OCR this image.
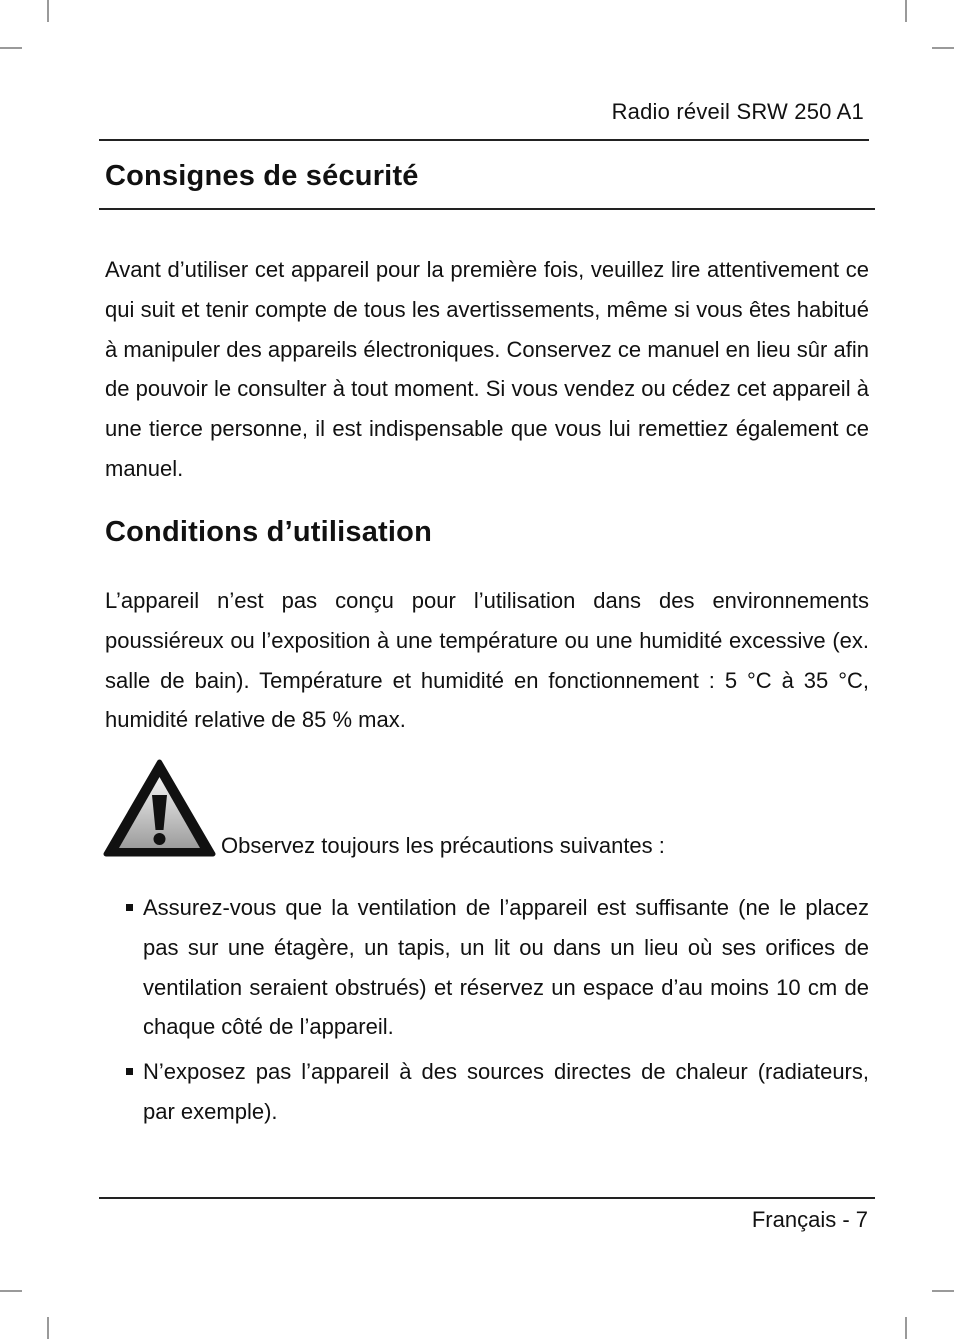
Radio réveil SRW 250 A1
Consignes de sécurité

Avant d’utiliser cet appareil pour la première fois, veuillez lire attentivement ce qui suit et tenir compte de tous les avertissements, même si vous êtes habitué à manipuler des appareils électroniques. Conservez ce manuel en lieu sûr afin de pouvoir le consulter à tout moment. Si vous vendez ou cédez cet appareil à une tierce personne, il est indispensable que vous lui remettiez également ce manuel.

Conditions d’utilisation

L’appareil n’est pas conçu pour l’utilisation dans des environnements poussiéreux ou l’exposition à une température ou une humidité excessive (ex. salle de bain). Température et humidité en fonctionnement : 5 °C à 35 °C, humidité relative de 85 % max.

Observez toujours les précautions suivantes :
Assurez-vous que la ventilation de l’appareil est suffisante (ne le placez pas sur une étagère, un tapis, un lit ou dans un lieu où ses orifices de ventilation seraient obstrués) et réservez un espace d’au moins 10 cm de chaque côté de l’appareil.
N’exposez pas l’appareil à des sources directes de chaleur (radiateurs, par exemple).
Français - 7
